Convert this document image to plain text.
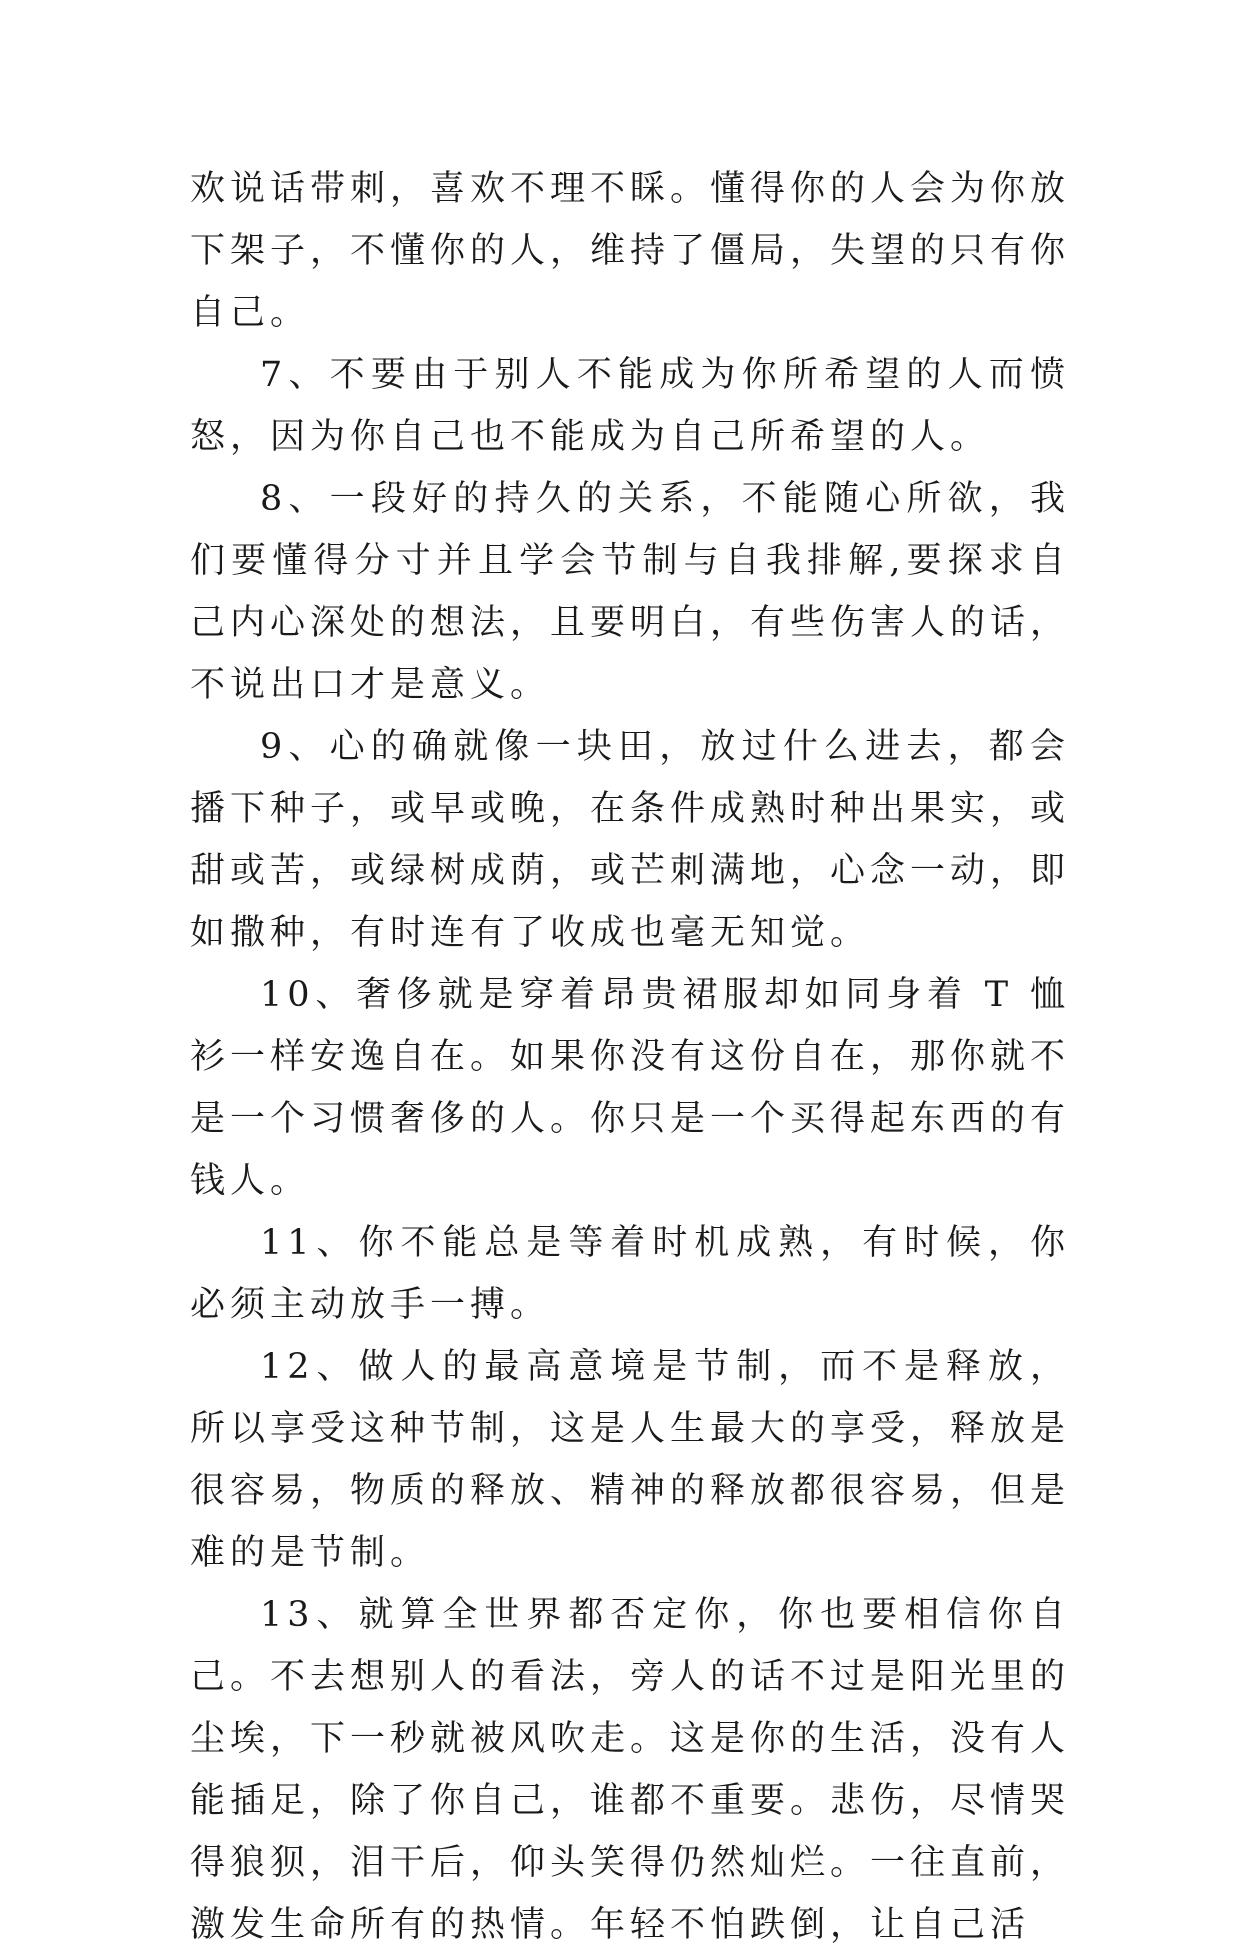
欢说话带刺，喜欢不理不睬。懂得你的人会为你放下架子，不懂你的人，维持了僵局，失望的只有你自己。

7、不要由于别人不能成为你所希望的人而愤怒，因为你自己也不能成为自己所希望的人。

8、一段好的持久的关系，不能随心所欲，我们要懂得分寸并且学会节制与自我排解,要探求自己内心深处的想法，且要明白，有些伤害人的话，不说出口才是意义。

9、心的确就像一块田，放过什么进去，都会播下种子，或早或晚，在条件成熟时种出果实，或甜或苦，或绿树成荫，或芒刺满地，心念一动，即如撒种，有时连有了收成也毫无知觉。

10、奢侈就是穿着昂贵裙服却如同身着 T 恤衫一样安逸自在。如果你没有这份自在，那你就不是一个习惯奢侈的人。你只是一个买得起东西的有钱人。

11、你不能总是等着时机成熟，有时候，你必须主动放手一搏。

12、做人的最高意境是节制，而不是释放，所以享受这种节制，这是人生最大的享受，释放是很容易，物质的释放、精神的释放都很容易，但是难的是节制。

13、就算全世界都否定你，你也要相信你自己。不去想别人的看法，旁人的话不过是阳光里的尘埃，下一秒就被风吹走。这是你的生活，没有人能插足，除了你自己，谁都不重要。悲伤，尽情哭得狼狈，泪干后，仰头笑得仍然灿烂。一往直前，激发生命所有的热情。年轻不怕跌倒，让自己活
